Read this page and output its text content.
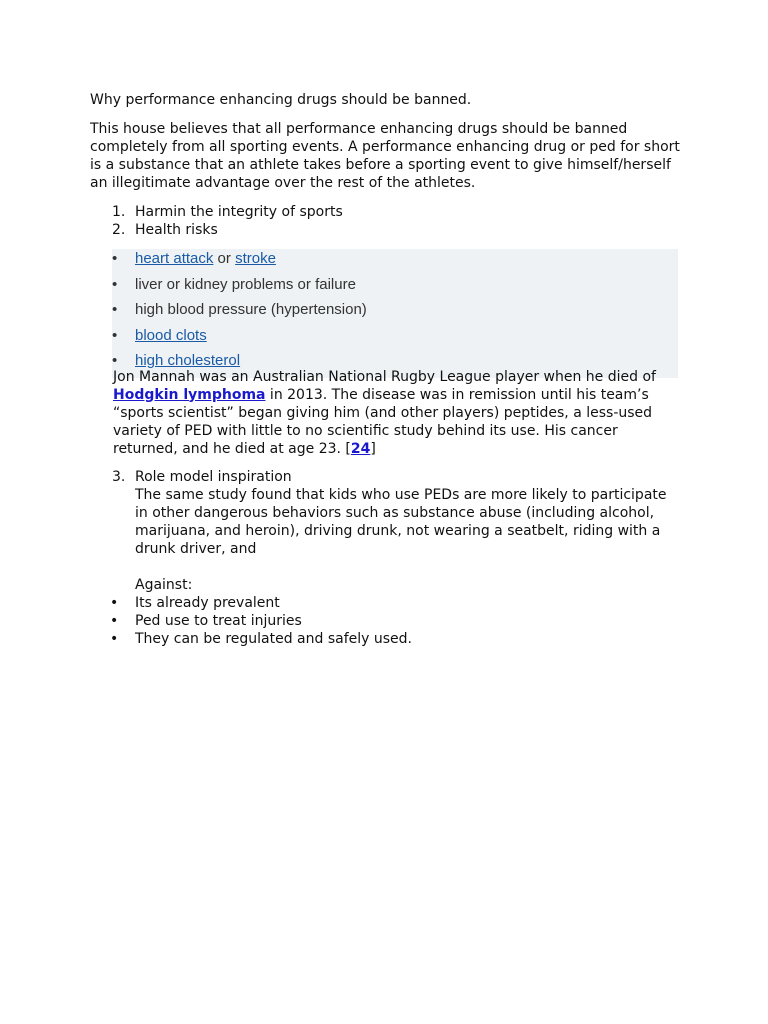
Why performance enhancing drugs should be banned.

This house believes that all performance enhancing drugs should be banned completely from all sporting events. A performance enhancing drug or ped for short is a substance that an athlete takes before a sporting event to give himself/herself an illegitimate advantage over the rest of the athletes.

1. Harmin the integrity of sports
2. Health risks
• heart attack or stroke
• liver or kidney problems or failure
• high blood pressure (hypertension)
• blood clots
• high cholesterol

Jon Mannah was an Australian National Rugby League player when he died of Hodgkin lymphoma in 2013. The disease was in remission until his team’s “sports scientist” began giving him (and other players) peptides, a less-used variety of PED with little to no scientific study behind its use. His cancer returned, and he died at age 23. [24]

3. Role model inspiration
The same study found that kids who use PEDs are more likely to participate in other dangerous behaviors such as substance abuse (including alcohol, marijuana, and heroin), driving drunk, not wearing a seatbelt, riding with a drunk driver, and
Against:
• Its already prevalent
• Ped use to treat injuries
• They can be regulated and safely used.
